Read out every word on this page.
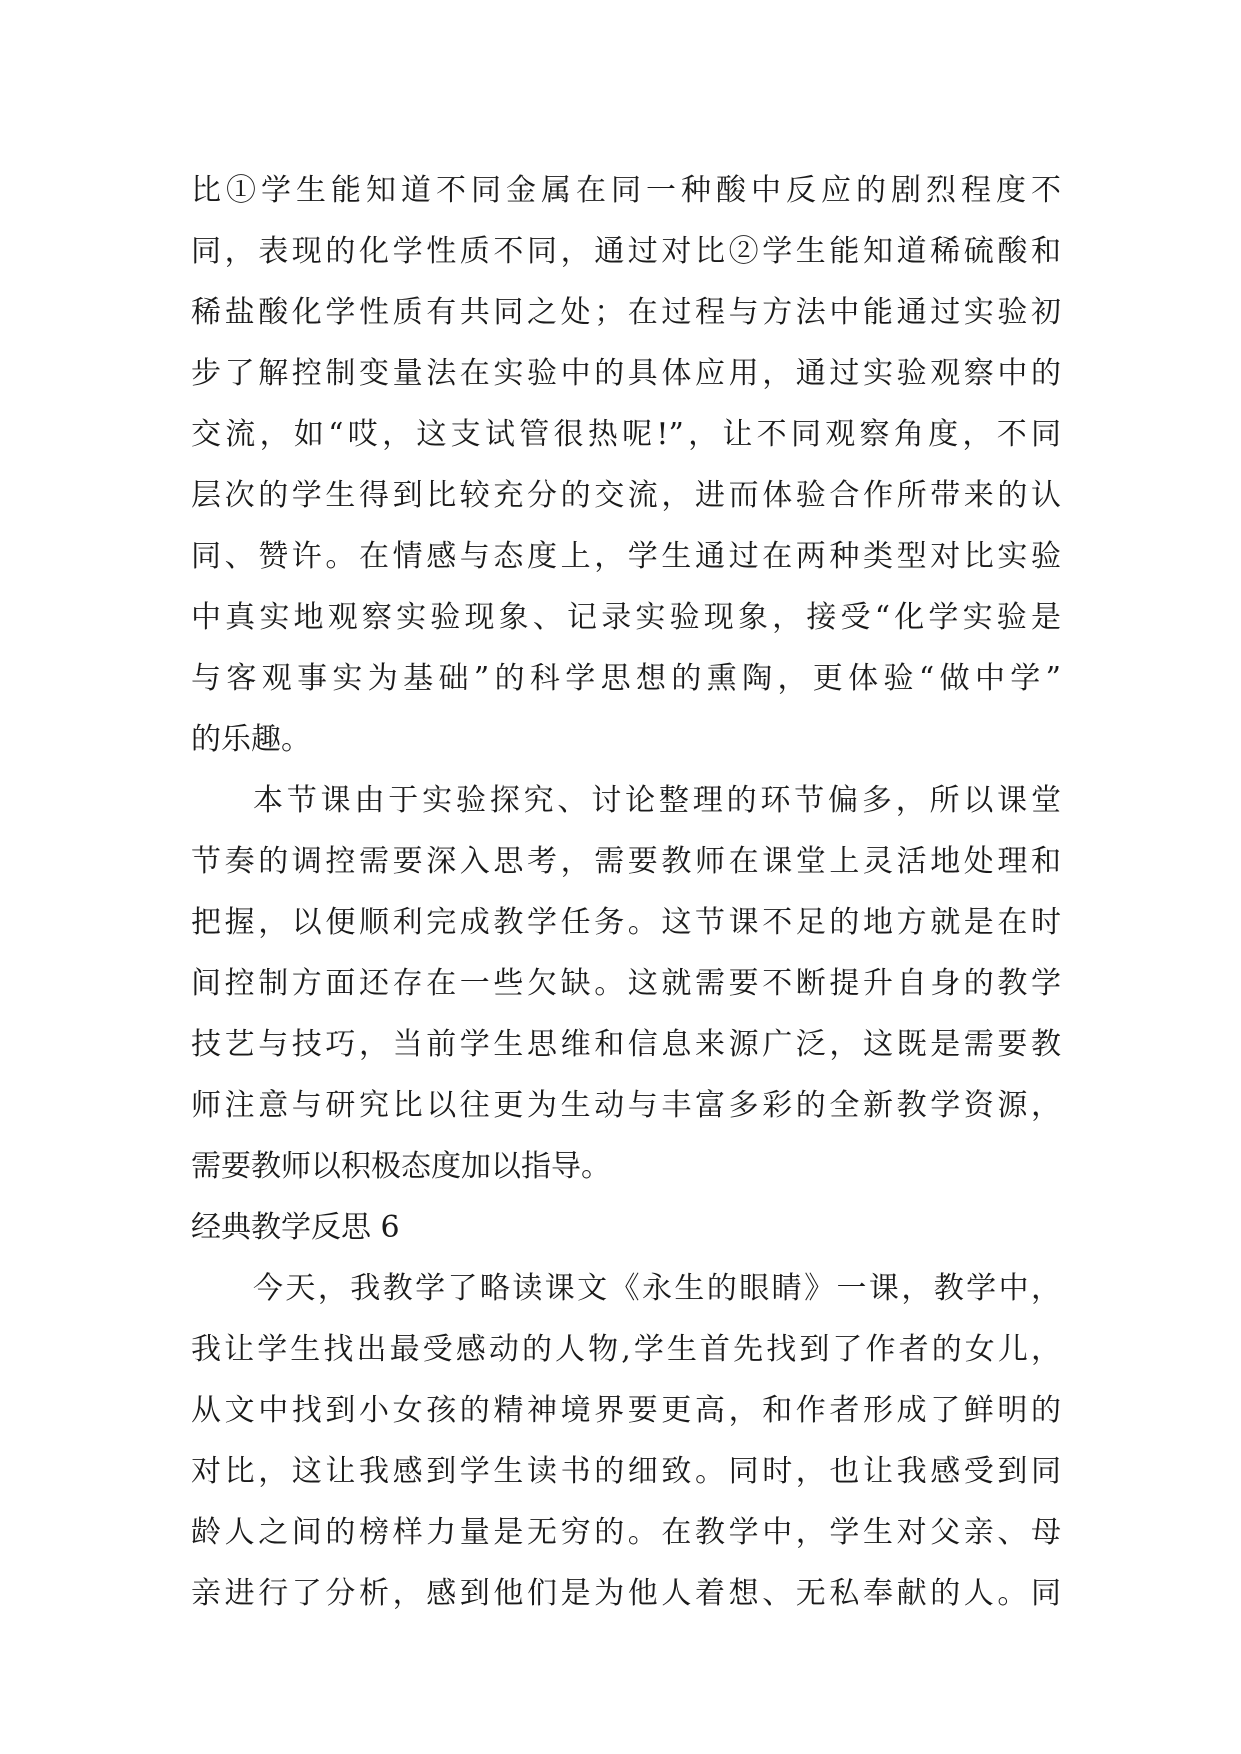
比①学生能知道不同金属在同一种酸中反应的剧烈程度不
同，表现的化学性质不同，通过对比②学生能知道稀硫酸和
稀盐酸化学性质有共同之处；在过程与方法中能通过实验初
步了解控制变量法在实验中的具体应用，通过实验观察中的
交流，如“哎，这支试管很热呢!”，让不同观察角度，不同
层次的学生得到比较充分的交流，进而体验合作所带来的认
同、赞许。在情感与态度上，学生通过在两种类型对比实验
中真实地观察实验现象、记录实验现象，接受“化学实验是
与客观事实为基础”的科学思想的熏陶，更体验“做中学”
的乐趣。
本节课由于实验探究、讨论整理的环节偏多，所以课堂
节奏的调控需要深入思考，需要教师在课堂上灵活地处理和
把握，以便顺利完成教学任务。这节课不足的地方就是在时
间控制方面还存在一些欠缺。这就需要不断提升自身的教学
技艺与技巧，当前学生思维和信息来源广泛，这既是需要教
师注意与研究比以往更为生动与丰富多彩的全新教学资源，
需要教师以积极态度加以指导。
经典教学反思 6
今天，我教学了略读课文《永生的眼睛》一课，教学中，
我让学生找出最受感动的人物,学生首先找到了作者的女儿，
从文中找到小女孩的精神境界要更高，和作者形成了鲜明的
对比，这让我感到学生读书的细致。同时，也让我感受到同
龄人之间的榜样力量是无穷的。在教学中，学生对父亲、母
亲进行了分析，感到他们是为他人着想、无私奉献的人。同
